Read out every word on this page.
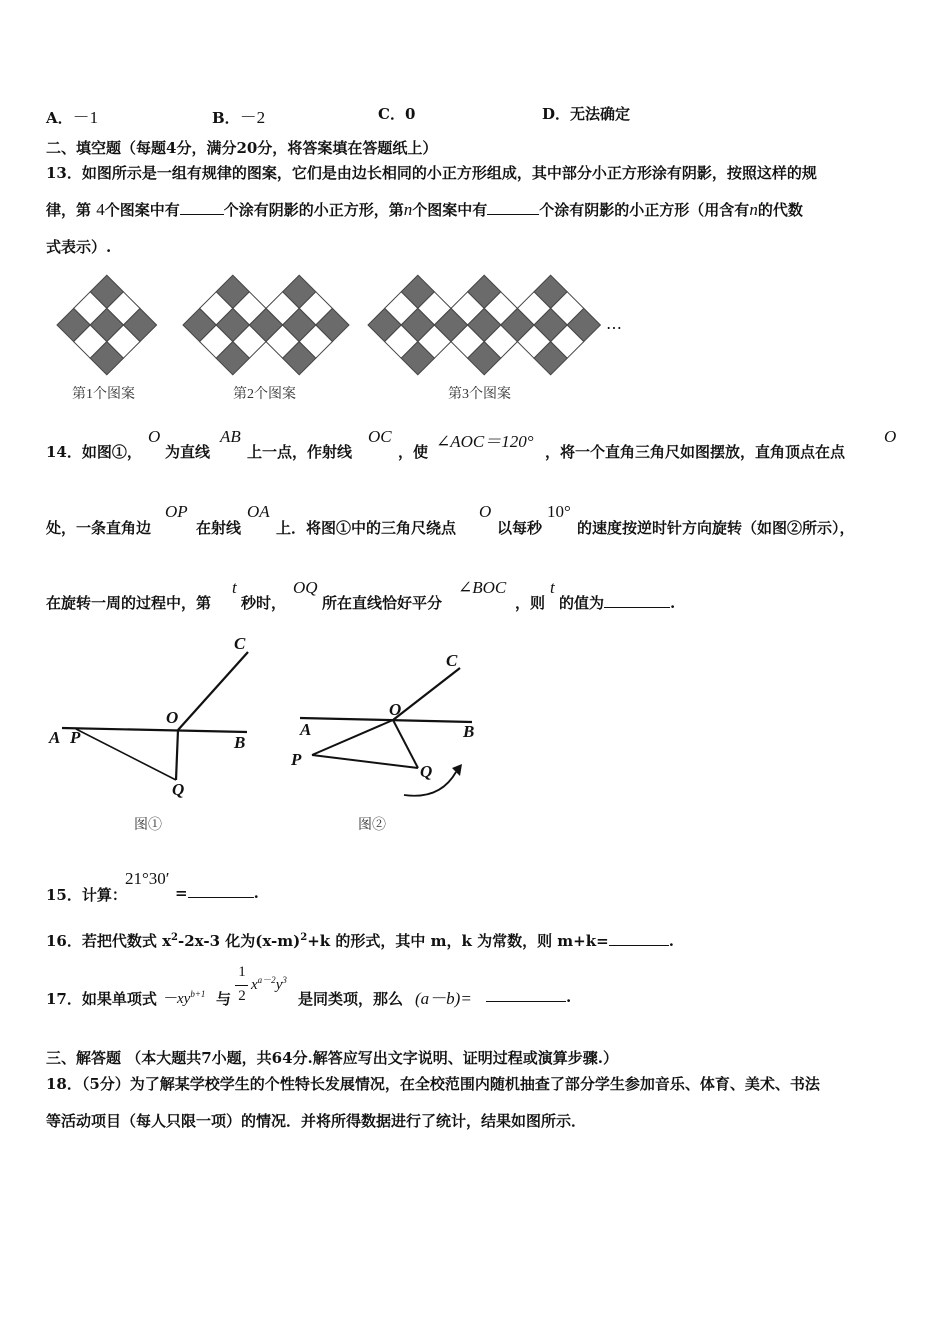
A．－1	B．－2	C．0	D．无法确定
二、填空题（每题4分，满分20分，将答案填在答题纸上）
13．如图所示是一组有规律的图案，它们是由边长相同的小正方形组成，其中部分小正方形涂有阴影，按照这样的规
律，第 4个图案中有	个涂有阴影的小正方形，第n个图案中有	个涂有阴影的小正方形（用含有n的代数
式表示）.
…
第1个图案	第2个图案	第3个图案
14．如图①，
O
为直线
AB
上一点，作射线
OC
，使
∠AOC＝120°
，将一个直角三角尺如图摆放，直角顶点在点
O
处，一条直角边
OP
在射线
OA
上．将图①中的三角尺绕点
O
以每秒
10°
的速度按逆时针方向旋转（如图②所示），
在旋转一周的过程中，第
t
秒时，
OQ
所在直线恰好平分
∠BOC
，则
t
的值为	.
C
O
A P	B
Q
图①
C
O
A	B
P
Q
图②
15．计算：
21°30′
=	.
16．若把代数式 $x^2-2x-3$ 化为$(x-m)^2+k$ 的形式，其中 m，k 为常数，则 m+k=	.
17．如果单项式 $-xy^{b+1}$ 与
1
2
$x^{a-2}y^3$
是同类项，那么 (a－b)=	.
三、解答题 （本大题共7小题，共64分.解答应写出文字说明、证明过程或演算步骤.）
18．（5分）为了解某学校学生的个性特长发展情况，在全校范围内随机抽查了部分学生参加音乐、体育、美术、书法
等活动项目（每人只限一项）的情况．并将所得数据进行了统计，结果如图所示．
